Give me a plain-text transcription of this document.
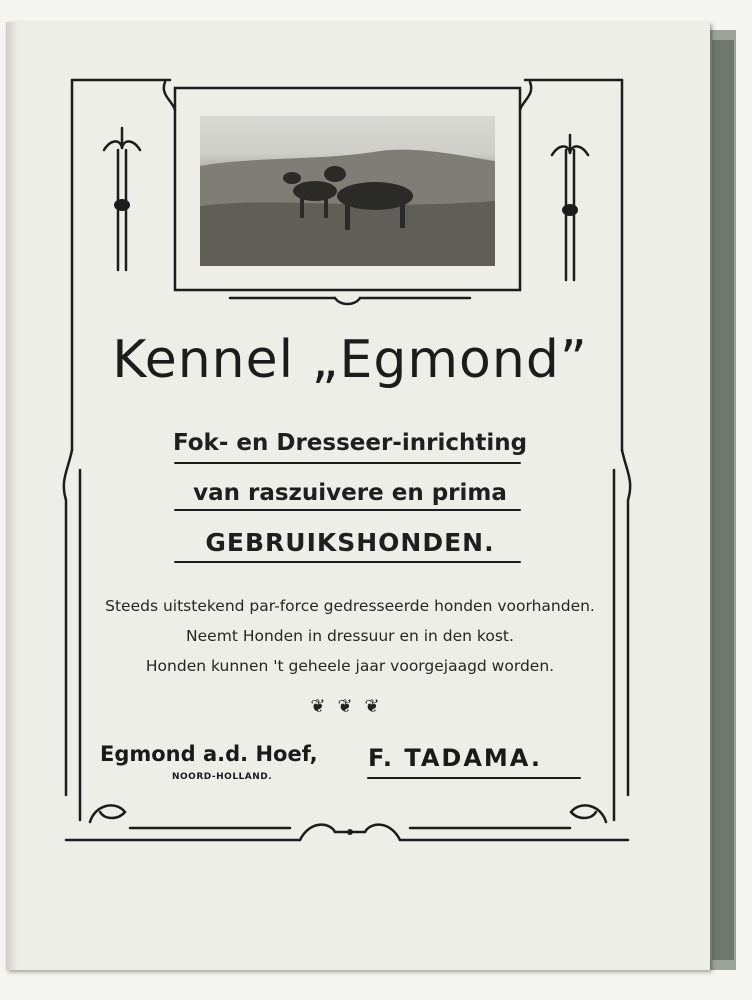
Kennel „Egmond”
Fok- en Dresseer-inrichting
van raszuivere en prima
GEBRUIKSHONDEN.
Steeds uitstekend par-force gedresseerde honden voorhanden.
Neemt Honden in dressuur en in den kost.
Honden kunnen 't geheele jaar voorgejaagd worden.
❦❦❦
Egmond a.d. Hoef,
NOORD-HOLLAND.
F. TADAMA.
